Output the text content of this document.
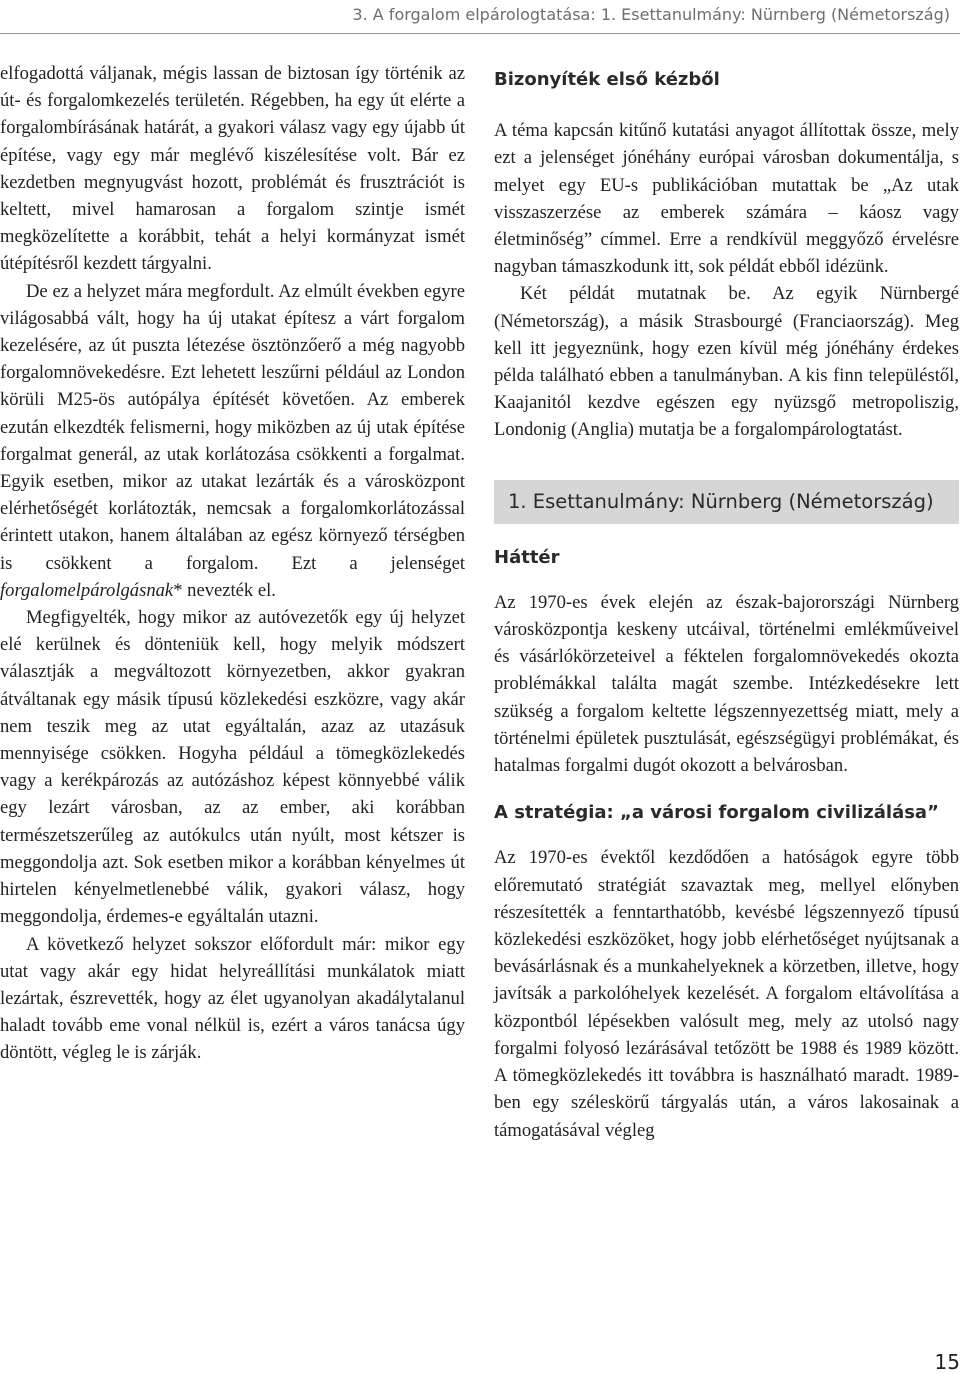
3. A forgalom elpárologtatása: 1. Esettanulmány: Nürnberg (Németország)

elfogadottá váljanak, mégis lassan de biztosan így történik az út- és forgalomkezelés területén. Régebben, ha egy út elérte a forgalombírásának határát, a gyakori válasz vagy egy újabb út építése, vagy egy már meglévő kiszélesítése volt. Bár ez kezdetben megnyugvást hozott, problémát és frusztrációt is keltett, mivel hamarosan a forgalom szintje ismét megközelítette a korábbit, tehát a helyi kormányzat ismét útépítésről kezdett tárgyalni.

De ez a helyzet mára megfordult. Az elmúlt években egyre világosabbá vált, hogy ha új utakat építesz a várt forgalom kezelésére, az út puszta létezése ösztönzőerő a még nagyobb forgalomnövekedésre. Ezt lehetett leszűrni például az London körüli M25-ös autópálya építését követően. Az emberek ezután elkezdték felismerni, hogy miközben az új utak építése forgalmat generál, az utak korlátozása csökkenti a forgalmat. Egyik esetben, mikor az utakat lezárták és a városközpont elérhetőségét korlátozták, nemcsak a forgalomkorlátozással érintett utakon, hanem általában az egész környező térségben is csökkent a forgalom. Ezt a jelenséget forgalomelpárolgásnak* nevezték el.

Megfigyelték, hogy mikor az autóvezetők egy új helyzet elé kerülnek és dönteniük kell, hogy melyik módszert választják a megváltozott környezetben, akkor gyakran átváltanak egy másik típusú közlekedési eszközre, vagy akár nem teszik meg az utat egyáltalán, azaz az utazásuk mennyisége csökken. Hogyha például a tömegközlekedés vagy a kerékpározás az autózáshoz képest könnyebbé válik egy lezárt városban, az az ember, aki korábban természetszerűleg az autókulcs után nyúlt, most kétszer is meggondolja azt. Sok esetben mikor a korábban kényelmes út hirtelen kényelmetlenebbé válik, gyakori válasz, hogy meggondolja, érdemes-e egyáltalán utazni.

A következő helyzet sokszor előfordult már: mikor egy utat vagy akár egy hidat helyreállítási munkálatok miatt lezártak, észrevették, hogy az élet ugyanolyan akadálytalanul haladt tovább eme vonal nélkül is, ezért a város tanácsa úgy döntött, végleg le is zárják.

Bizonyíték első kézből

A téma kapcsán kitűnő kutatási anyagot állítottak össze, mely ezt a jelenséget jónéhány európai városban dokumentálja, s melyet egy EU-s publikációban mutattak be „Az utak visszaszerzése az emberek számára – káosz vagy életminőség” címmel. Erre a rendkívül meggyőző érvelésre nagyban támaszkodunk itt, sok példát ebből idézünk.

Két példát mutatnak be. Az egyik Nürnbergé (Németország), a másik Strasbourgé (Franciaország). Meg kell itt jegyeznünk, hogy ezen kívül még jónéhány érdekes példa található ebben a tanulmányban. A kis finn településtől, Kaajanitól kezdve egészen egy nyüzsgő metropoliszig, Londonig (Anglia) mutatja be a forgalompárologtatást.

1. Esettanulmány: Nürnberg (Németország)
Háttér

Az 1970-es évek elején az észak-bajorországi Nürnberg városközpontja keskeny utcáival, történelmi emlékműveivel és vásárlókörzeteivel a féktelen forgalomnövekedés okozta problémákkal találta magát szembe. Intézkedésekre lett szükség a forgalom keltette légszennyezettség miatt, mely a történelmi épületek pusztulását, egészségügyi problémákat, és hatalmas forgalmi dugót okozott a belvárosban.

A stratégia: „a városi forgalom civilizálása”

Az 1970-es évektől kezdődően a hatóságok egyre több előremutató stratégiát szavaztak meg, mellyel előnyben részesítették a fenntarthatóbb, kevésbé légszennyező típusú közlekedési eszközöket, hogy jobb elérhetőséget nyújtsanak a bevásárlásnak és a munkahelyeknek a körzetben, illetve, hogy javítsák a parkolóhelyek kezelését. A forgalom eltávolítása a központból lépésekben valósult meg, mely az utolsó nagy forgalmi folyosó lezárásával tetőzött be 1988 és 1989 között. A tömegközlekedés itt továbbra is használható maradt. 1989-ben egy széleskörű tárgyalás után, a város lakosainak a támogatásával végleg

15
